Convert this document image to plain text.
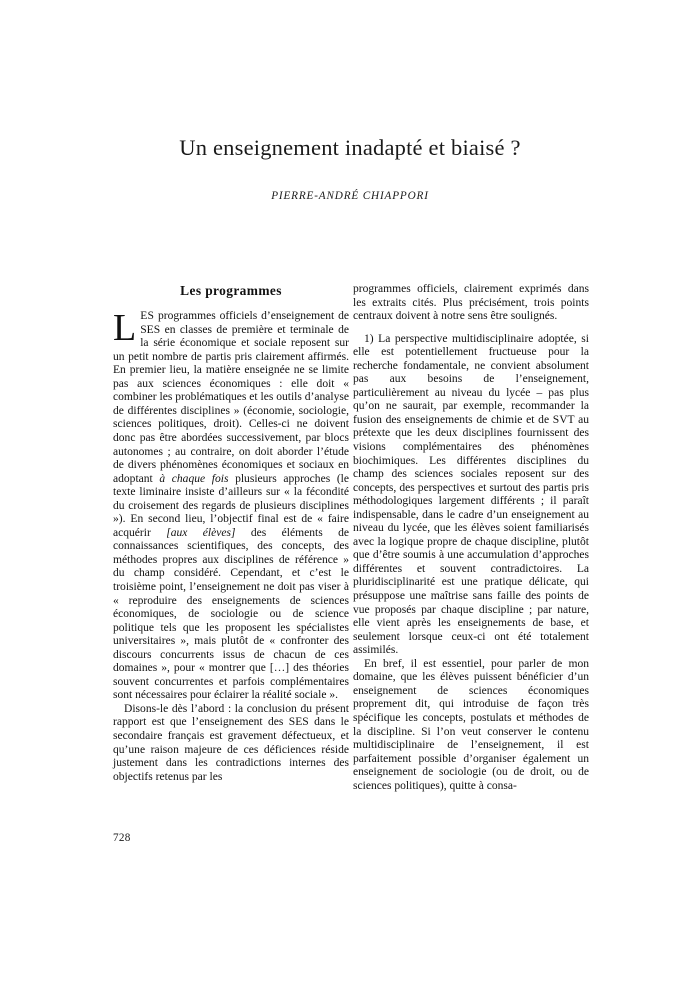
Un enseignement inadapté et biaisé ?
PIERRE-ANDRÉ CHIAPPORI
Les programmes

LES programmes officiels d’enseignement de SES en classes de première et terminale de la série économique et sociale reposent sur un petit nombre de partis pris clairement affirmés. En premier lieu, la matière enseignée ne se limite pas aux sciences économiques : elle doit « combiner les problématiques et les outils d’analyse de différentes disciplines » (économie, sociologie, sciences politiques, droit). Celles-ci ne doivent donc pas être abordées successivement, par blocs autonomes ; au contraire, on doit aborder l’étude de divers phénomènes économiques et sociaux en adoptant à chaque fois plusieurs approches (le texte liminaire insiste d’ailleurs sur « la fécondité du croisement des regards de plusieurs disciplines »). En second lieu, l’objectif final est de « faire acquérir [aux élèves] des éléments de connaissances scientifiques, des concepts, des méthodes propres aux disciplines de référence » du champ considéré. Cependant, et c’est le troisième point, l’enseignement ne doit pas viser à « reproduire des enseignements de sciences économiques, de sociologie ou de science politique tels que les proposent les spécialistes universitaires », mais plutôt de « confronter des discours concurrents issus de chacun de ces domaines », pour « montrer que […] des théories souvent concurrentes et parfois complémentaires sont nécessaires pour éclairer la réalité sociale ».

Disons-le dès l’abord : la conclusion du présent rapport est que l’enseignement des SES dans le secondaire français est gravement défectueux, et qu’une raison majeure de ces déficiences réside justement dans les contradictions internes des objectifs retenus par les

programmes officiels, clairement exprimés dans les extraits cités. Plus précisément, trois points centraux doivent à notre sens être soulignés.

1) La perspective multidisciplinaire adoptée, si elle est potentiellement fructueuse pour la recherche fondamentale, ne convient absolument pas aux besoins de l’enseignement, particulièrement au niveau du lycée – pas plus qu’on ne saurait, par exemple, recommander la fusion des enseignements de chimie et de SVT au prétexte que les deux disciplines fournissent des visions complémentaires des phénomènes biochimiques. Les différentes disciplines du champ des sciences sociales reposent sur des concepts, des perspectives et surtout des partis pris méthodologiques largement différents ; il paraît indispensable, dans le cadre d’un enseignement au niveau du lycée, que les élèves soient familiarisés avec la logique propre de chaque discipline, plutôt que d’être soumis à une accumulation d’approches différentes et souvent contradictoires. La pluridisciplinarité est une pratique délicate, qui présuppose une maîtrise sans faille des points de vue proposés par chaque discipline ; par nature, elle vient après les enseignements de base, et seulement lorsque ceux-ci ont été totalement assimilés.

En bref, il est essentiel, pour parler de mon domaine, que les élèves puissent bénéficier d’un enseignement de sciences économiques proprement dit, qui introduise de façon très spécifique les concepts, postulats et méthodes de la discipline. Si l’on veut conserver le contenu multidisciplinaire de l’enseignement, il est parfaitement possible d’organiser également un enseignement de sociologie (ou de droit, ou de sciences politiques), quitte à consa-

728
